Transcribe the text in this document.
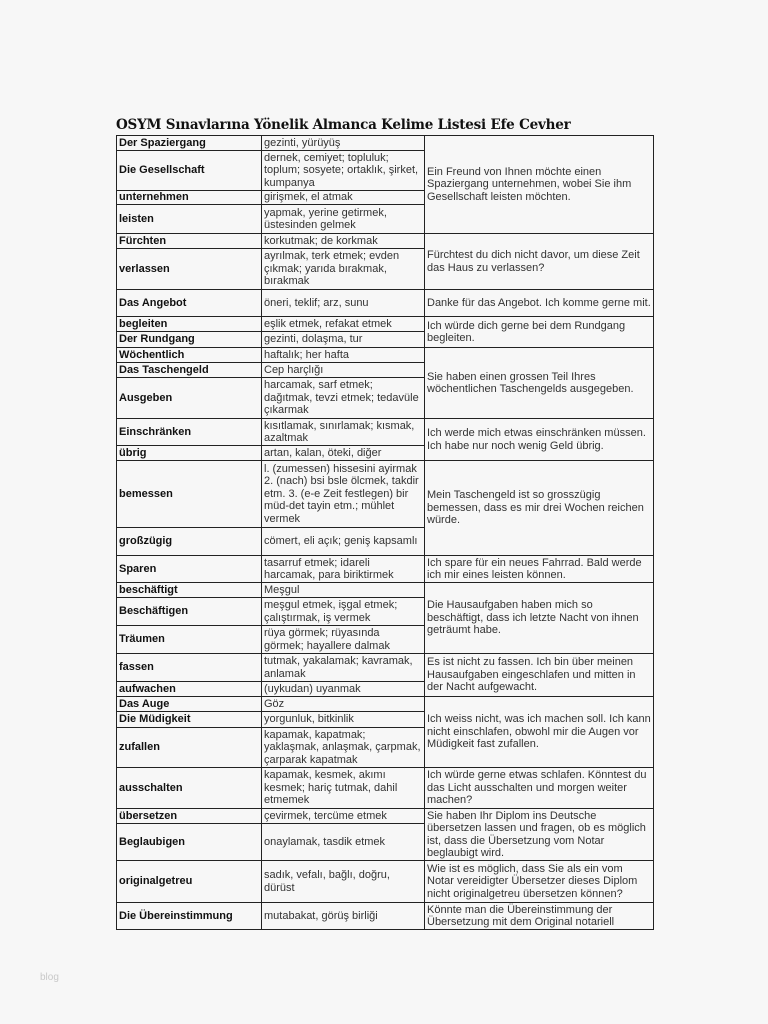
OSYM Sınavlarına Yönelik Almanca Kelime Listesi Efe Cevher
Der Spaziergang	gezinti, yürüyüş	Ein Freund von Ihnen möchte einen Spaziergang unternehmen, wobei Sie ihm Gesellschaft leisten möchten.
Die Gesellschaft	dernek, cemiyet; topluluk; toplum; sosyete; ortaklık, şirket, kumpanya	
unternehmen	girişmek, el atmak	
leisten	yapmak, yerine getirmek, üstesinden gelmek	
Fürchten	korkutmak; de korkmak	Fürchtest du dich nicht davor, um diese Zeit das Haus zu verlassen?
verlassen	ayrılmak, terk etmek; evden çıkmak; yarıda bırakmak, bırakmak	
Das Angebot	öneri, teklif; arz, sunu	Danke für das Angebot. Ich komme gerne mit.
begleiten	eşlik etmek, refakat etmek	Ich würde dich gerne bei dem Rundgang begleiten.
Der Rundgang	gezinti, dolaşma, tur	
Wöchentlich	haftalık; her hafta	Sie haben einen grossen Teil Ihres wöchentlichen Taschengelds ausgegeben.
Das Taschengeld	Cep harçlığı	
Ausgeben	harcamak, sarf etmek; dağıtmak, tevzi etmek; tedavüle çıkarmak	
Einschränken	kısıtlamak, sınırlamak; kısmak, azaltmak	Ich werde mich etwas einschränken müssen. Ich habe nur noch wenig Geld übrig.
übrig	artan, kalan, öteki, diğer	
bemessen	l. (zumessen) hissesini ayirmak 2. (nach) bsi bsle ölcmek, takdir etm. 3. (e-e Zeit festlegen) bir müd-det tayin etm.; mühlet vermek	Mein Taschengeld ist so grosszügig bemessen, dass es mir drei Wochen reichen würde.
großzügig	cömert, eli açık; geniş kapsamlı	
Sparen	tasarruf etmek; idareli harcamak, para biriktirmek	Ich spare für ein neues Fahrrad. Bald werde ich mir eines leisten können.
beschäftigt	Meşgul	Die Hausaufgaben haben mich so beschäftigt, dass ich letzte Nacht von ihnen geträumt habe.
Beschäftigen	meşgul etmek, işgal etmek; çalıştırmak, iş vermek	
Träumen	rüya görmek; rüyasında görmek; hayallere dalmak	
fassen	tutmak, yakalamak; kavramak, anlamak	Es ist nicht zu fassen. Ich bin über meinen Hausaufgaben eingeschlafen und mitten in der Nacht aufgewacht.
aufwachen	(uykudan) uyanmak	
Das Auge	Göz	Ich weiss nicht, was ich machen soll. Ich kann nicht einschlafen, obwohl mir die Augen vor Müdigkeit fast zufallen.
Die Müdigkeit	yorgunluk, bitkinlik	
zufallen	kapamak, kapatmak; yaklaşmak, anlaşmak, çarpmak, çarparak kapatmak	
ausschalten	kapamak, kesmek, akımı kesmek; hariç tutmak, dahil etmemek	Ich würde gerne etwas schlafen. Könntest du das Licht ausschalten und morgen weiter machen?
übersetzen	çevirmek, tercüme etmek	Sie haben Ihr Diplom ins Deutsche übersetzen lassen und fragen, ob es möglich ist, dass die Übersetzung vom Notar beglaubigt wird.
Beglaubigen	onaylamak, tasdik etmek	
originalgetreu	sadık, vefalı, bağlı, doğru, dürüst	Wie ist es möglich, dass Sie als ein vom Notar vereidigter Übersetzer dieses Diplom nicht originalgetreu übersetzen können?
Die Übereinstimmung	mutabakat, görüş birliği	Könnte man die Übereinstimmung der Übersetzung mit dem Original notariell
blog
